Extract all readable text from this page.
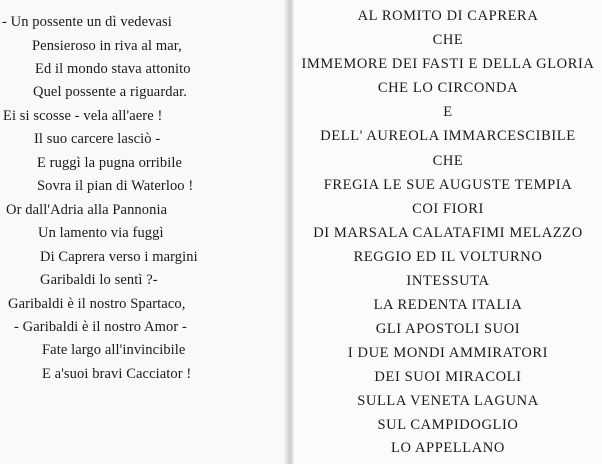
- Un possente un dì vedevasi
Pensieroso in riva al mar,
Ed il mondo stava attonito
Quel possente a riguardar.
Ei si scosse - vela all'aere !
Il suo carcere lasciò -
E ruggì la pugna orribile
Sovra il pian di Waterloo !
Or dall'Adria alla Pannonia
Un lamento via fuggì
Di Caprera verso i margini
Garibaldi lo sentì ?-
Garibaldi è il nostro Spartaco,
- Garibaldi è il nostro Amor -
Fate largo all'invincibile
E a'suoi bravi Cacciator !
AL ROMITO DI CAPRERA
CHE
IMMEMORE DEI FASTI E DELLA GLORIA
CHE LO CIRCONDA
E
DELL' AUREOLA IMMARCESCIBILE
CHE
FREGIA LE SUE AUGUSTE TEMPIA
COI FIORI
DI MARSALA CALATAFIMI MELAZZO
REGGIO ED IL VOLTURNO
INTESSUTA
LA REDENTA ITALIA
GLI APOSTOLI SUOI
I DUE MONDI AMMIRATORI
DEI SUOI MIRACOLI
SULLA VENETA LAGUNA
SUL CAMPIDOGLIO
LO APPELLANO
